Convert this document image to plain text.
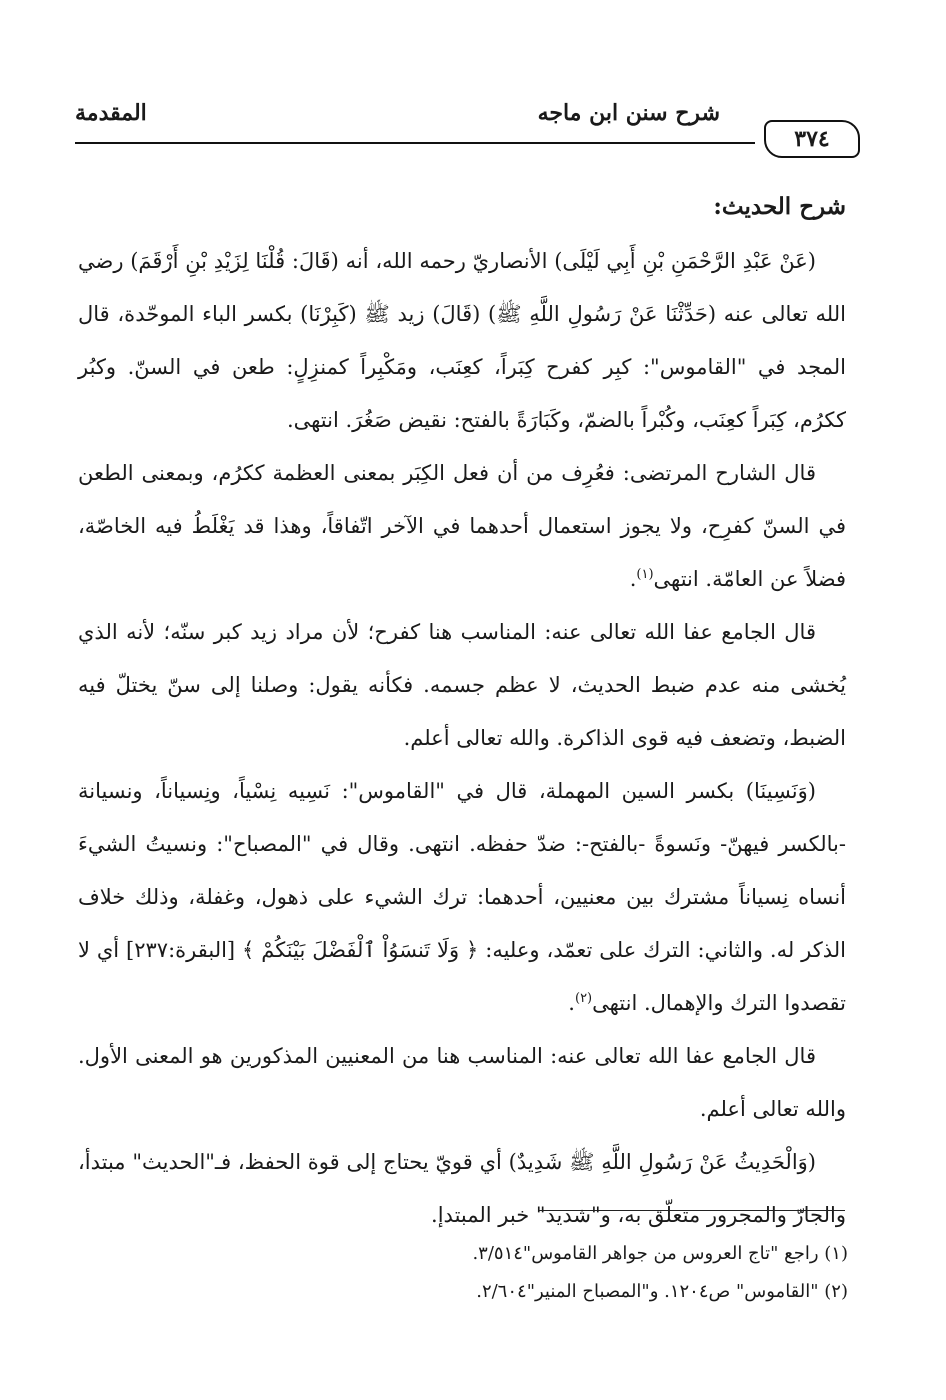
المقدمة	شرح سنن ابن ماجه
٣٧٤
شرح الحديث:

(عَنْ عَبْدِ الرَّحْمَنِ بْنِ أَبِي لَيْلَى) الأنصاريّ رحمه الله، أنه (قَالَ: قُلْنَا لِزَيْدِ بْنِ أَرْقَمَ) رضي الله تعالى عنه (حَدِّثْنَا عَنْ رَسُولِ اللَّهِ ﷺ) (قَالَ) زيد ﷺ (كَبِرْنَا) بكسر الباء الموحّدة، قال المجد في "القاموس": كبِر كفرح كِبَراً، كعِنَب، ومَكْبِراً كمنزِلٍ: طعن في السنّ. وكبُر ككرُم، كِبَراً كعِنَب، وكُبْراً بالضمّ، وكَبَارَةً بالفتح: نقيض صَغُرَ. انتهى.

قال الشارح المرتضى: فعُرِف من أن فعل الكِبَر بمعنى العظمة ككرُم، وبمعنى الطعن في السنّ كفرِح، ولا يجوز استعمال أحدهما في الآخر اتّفاقاً، وهذا قد يَغْلَطُ فيه الخاصّة، فضلاً عن العامّة. انتهى$^{(١)}$.

قال الجامع عفا الله تعالى عنه: المناسب هنا كفرح؛ لأن مراد زيد كبر سنّه؛ لأنه الذي يُخشى منه عدم ضبط الحديث، لا عظم جسمه. فكأنه يقول: وصلنا إلى سنّ يختلّ فيه الضبط، وتضعف فيه قوى الذاكرة. والله تعالى أعلم.

(وَنَسِينَا) بكسر السين المهملة، قال في "القاموس": نَسِيه نِسْياً، ونِسياناً، ونسيانة -بالكسر فيهنّ- ونَسوةً -بالفتح-: ضدّ حفظه. انتهى. وقال في "المصباح": ونسيتُ الشيءَ أنساه نِسياناً مشترك بين معنيين، أحدهما: ترك الشيء على ذهول، وغفلة، وذلك خلاف الذكر له. والثاني: الترك على تعمّد، وعليه: ﴿ وَلَا تَنسَوُاْ ٱلْفَضْلَ بَيْنَكُمْ ﴾ [البقرة:٢٣٧] أي لا تقصدوا الترك والإهمال. انتهى$^{(٢)}$.

قال الجامع عفا الله تعالى عنه: المناسب هنا من المعنيين المذكورين هو المعنى الأول. والله تعالى أعلم.

(وَالْحَدِيثُ عَنْ رَسُولِ اللَّهِ ﷺ شَدِيدٌ) أي قويّ يحتاج إلى قوة الحفظ، فـ"الحديث" مبتدأ، والجارّ والمجرور متعلّق به، و"شديد" خبر المبتدإ.

(١) راجع "تاج العروس من جواهر القاموس"٣/٥١٤.

(٢) "القاموس" ص١٢٠٤. و"المصباح المنير"٢/٦٠٤.
